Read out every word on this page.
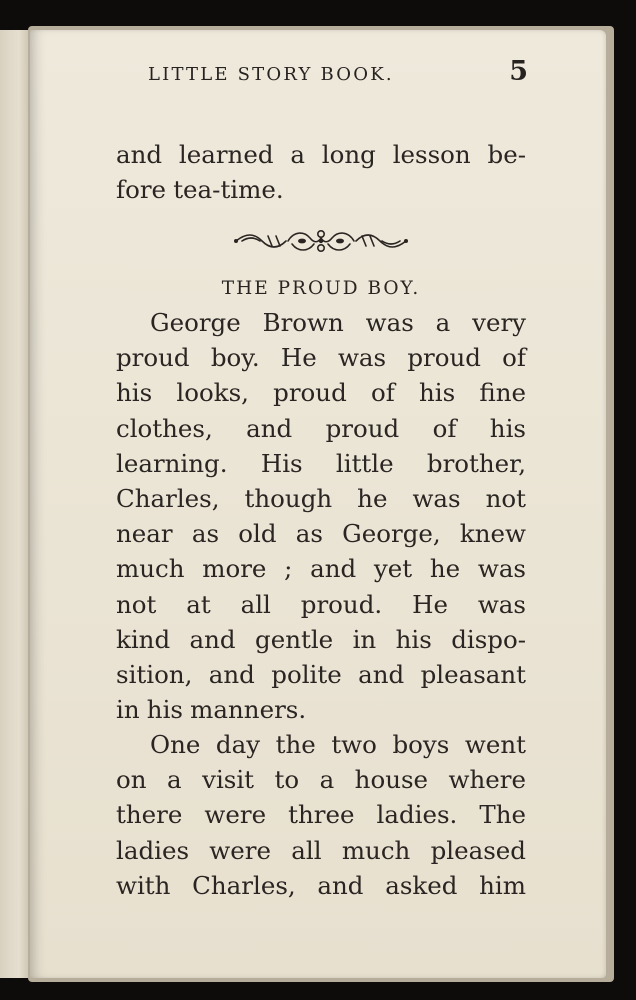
LITTLE STORY BOOK.	5
and learned a long lesson be-
fore tea-time.
THE PROUD BOY.
George Brown was a very
proud boy. He was proud of
his looks, proud of his fine
clothes, and proud of his
learning. His little brother,
Charles, though he was not
near as old as George, knew
much more ; and yet he was
not at all proud. He was
kind and gentle in his dispo-
sition, and polite and pleasant
in his manners.
One day the two boys went
on a visit to a house where
there were three ladies. The
ladies were all much pleased
with Charles, and asked him
